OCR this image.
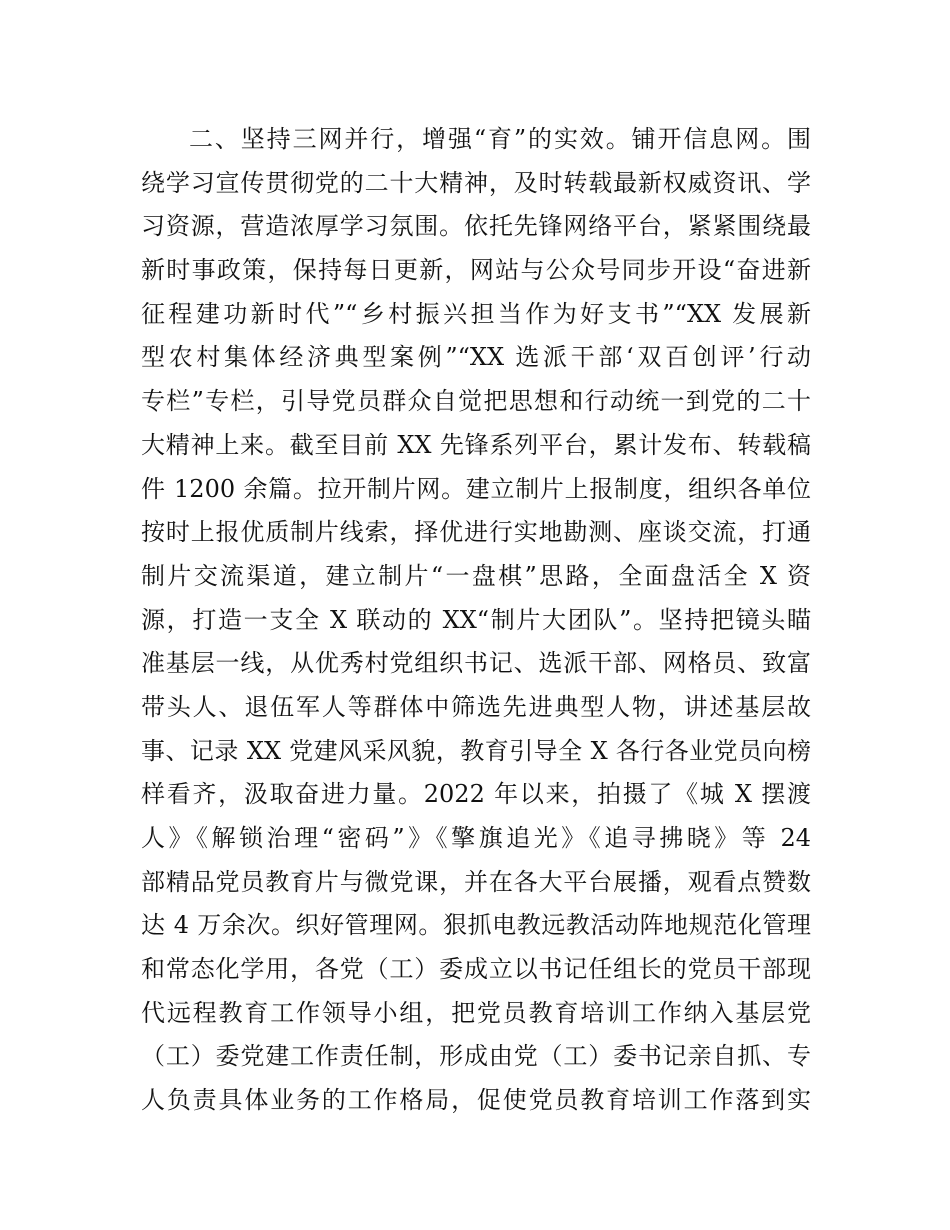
二、坚持三网并行，增强“育”的实效。铺开信息网。围
绕学习宣传贯彻党的二十大精神，及时转载最新权威资讯、学
习资源，营造浓厚学习氛围。依托先锋网络平台，紧紧围绕最
新时事政策，保持每日更新，网站与公众号同步开设“奋进新
征程建功新时代”“乡村振兴担当作为好支书”“XX 发展新
型农村集体经济典型案例”“XX 选派干部‘双百创评’行动
专栏”专栏，引导党员群众自觉把思想和行动统一到党的二十
大精神上来。截至目前 XX 先锋系列平台，累计发布、转载稿
件 1200 余篇。拉开制片网。建立制片上报制度，组织各单位
按时上报优质制片线索，择优进行实地勘测、座谈交流，打通
制片交流渠道，建立制片“一盘棋”思路，全面盘活全 X 资
源，打造一支全 X 联动的 XX“制片大团队”。坚持把镜头瞄
准基层一线，从优秀村党组织书记、选派干部、网格员、致富
带头人、退伍军人等群体中筛选先进典型人物，讲述基层故
事、记录 XX 党建风采风貌，教育引导全 X 各行各业党员向榜
样看齐，汲取奋进力量。2022 年以来，拍摄了《城 X 摆渡
人》《解锁治理“密码”》《擎旗追光》《追寻拂晓》等 24
部精品党员教育片与微党课，并在各大平台展播，观看点赞数
达 4 万余次。织好管理网。狠抓电教远教活动阵地规范化管理
和常态化学用，各党（工）委成立以书记任组长的党员干部现
代远程教育工作领导小组，把党员教育培训工作纳入基层党
（工）委党建工作责任制，形成由党（工）委书记亲自抓、专
人负责具体业务的工作格局，促使党员教育培训工作落到实
